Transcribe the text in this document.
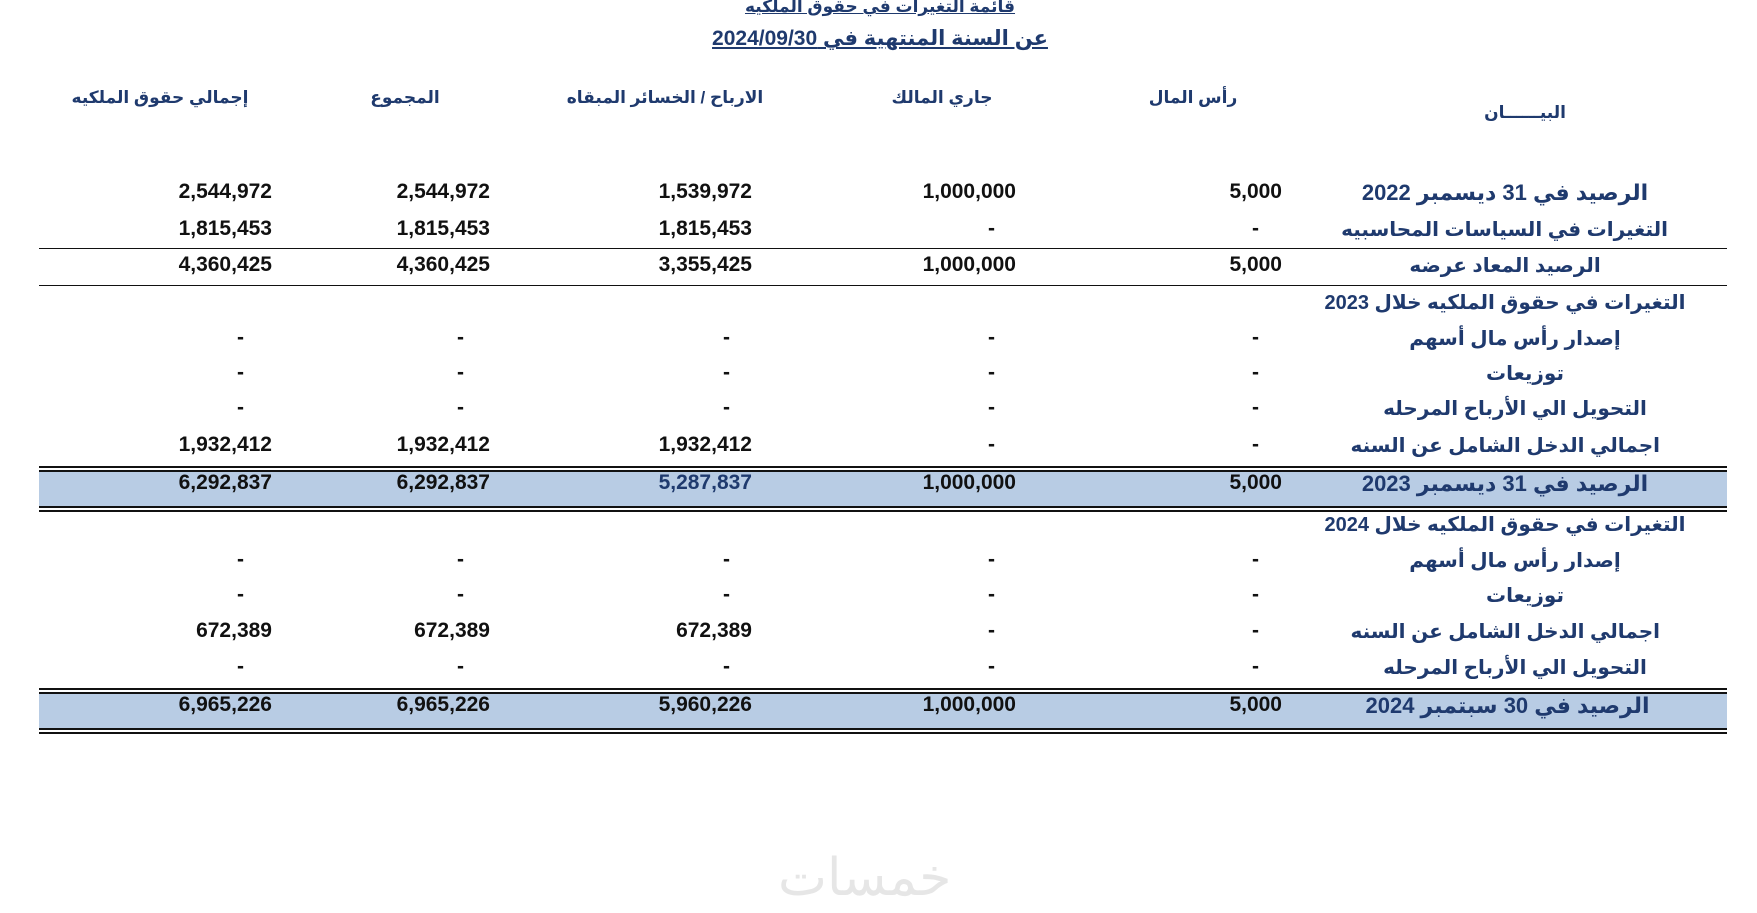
قائمة التغيرات في حقوق الملكيه
عن السنة المنتهية في 2024/09/30
البيــــــان
رأس المال
جاري المالك
الارباح / الخسائر المبقاه
المجموع
إجمالي حقوق الملكيه
الرصيد في 31 ديسمبر 2022
5,000
1,000,000
1,539,972
2,544,972
2,544,972
التغيرات في السياسات المحاسبيه
-
-
1,815,453
1,815,453
1,815,453
الرصيد المعاد عرضه
5,000
1,000,000
3,355,425
4,360,425
4,360,425
التغيرات في حقوق الملكيه خلال 2023
إصدار رأس مال أسهم
-
-
-
-
-
توزيعات
-
-
-
-
-
التحويل الي الأرباح المرحله
-
-
-
-
-
اجمالي الدخل الشامل عن السنه
-
-
1,932,412
1,932,412
1,932,412
الرصيد في 31 ديسمبر 2023
5,000
1,000,000
5,287,837
6,292,837
6,292,837
التغيرات في حقوق الملكيه خلال 2024
إصدار رأس مال أسهم
-
-
-
-
-
توزيعات
-
-
-
-
-
اجمالي الدخل الشامل عن السنه
-
-
672,389
672,389
672,389
التحويل الي الأرباح المرحله
-
-
-
-
-
الرصيد في 30 سبتمبر 2024
5,000
1,000,000
5,960,226
6,965,226
6,965,226
خمسات
